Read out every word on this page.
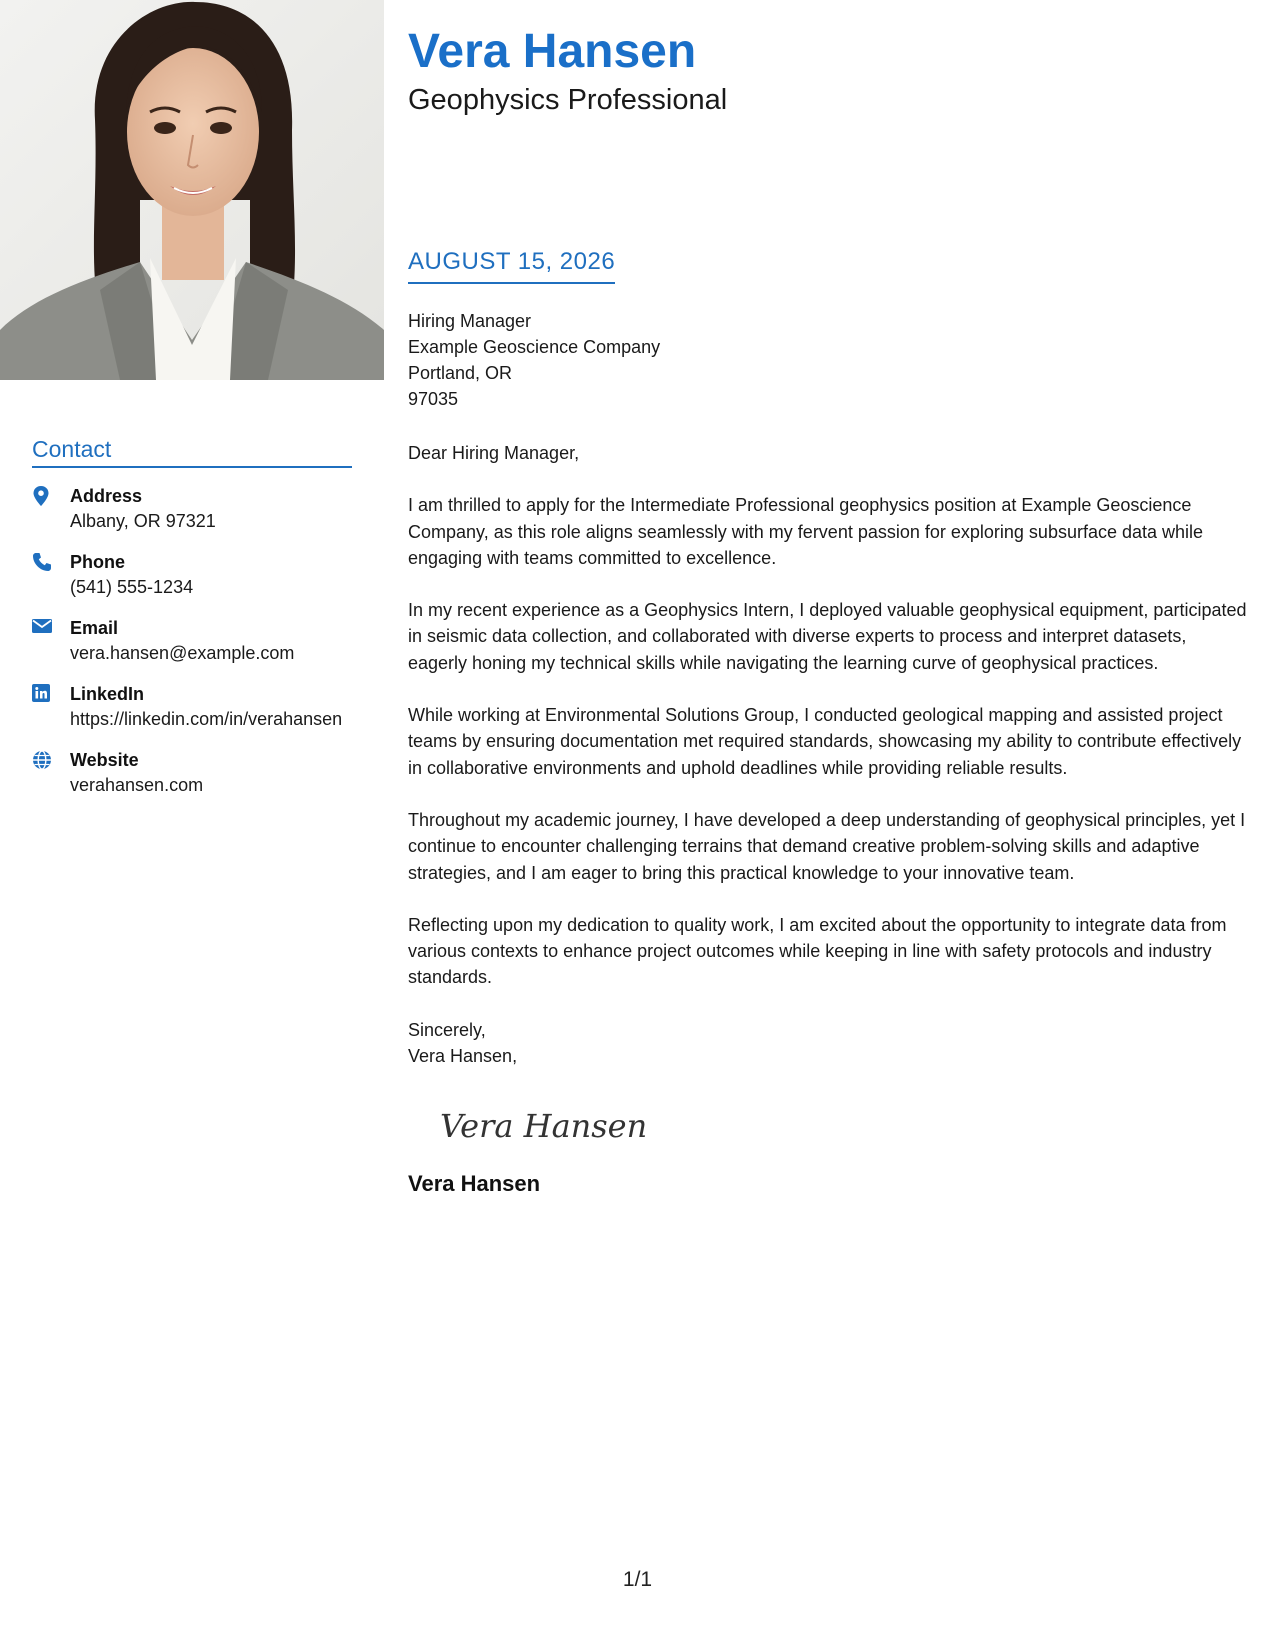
Contact
Address
Albany, OR 97321
Phone
(541) 555-1234
Email
vera.hansen@example.com
LinkedIn
https://linkedin.com/in/verahansen
Website
verahansen.com
Vera Hansen
Geophysics Professional
AUGUST 15, 2026
Hiring Manager
Example Geoscience Company
Portland, OR
97035

Dear Hiring Manager,

I am thrilled to apply for the Intermediate Professional geophysics position at Example Geoscience Company, as this role aligns seamlessly with my fervent passion for exploring subsurface data while engaging with teams committed to excellence.

In my recent experience as a Geophysics Intern, I deployed valuable geophysical equipment, participated in seismic data collection, and collaborated with diverse experts to process and interpret datasets, eagerly honing my technical skills while navigating the learning curve of geophysical practices.

While working at Environmental Solutions Group, I conducted geological mapping and assisted project teams by ensuring documentation met required standards, showcasing my ability to contribute effectively in collaborative environments and uphold deadlines while providing reliable results.

Throughout my academic journey, I have developed a deep understanding of geophysical principles, yet I continue to encounter challenging terrains that demand creative problem-solving skills and adaptive strategies, and I am eager to bring this practical knowledge to your innovative team.

Reflecting upon my dedication to quality work, I am excited about the opportunity to integrate data from various contexts to enhance project outcomes while keeping in line with safety protocols and industry standards.

Sincerely,

Vera Hansen,

Vera Hansen
Vera Hansen
1/1
